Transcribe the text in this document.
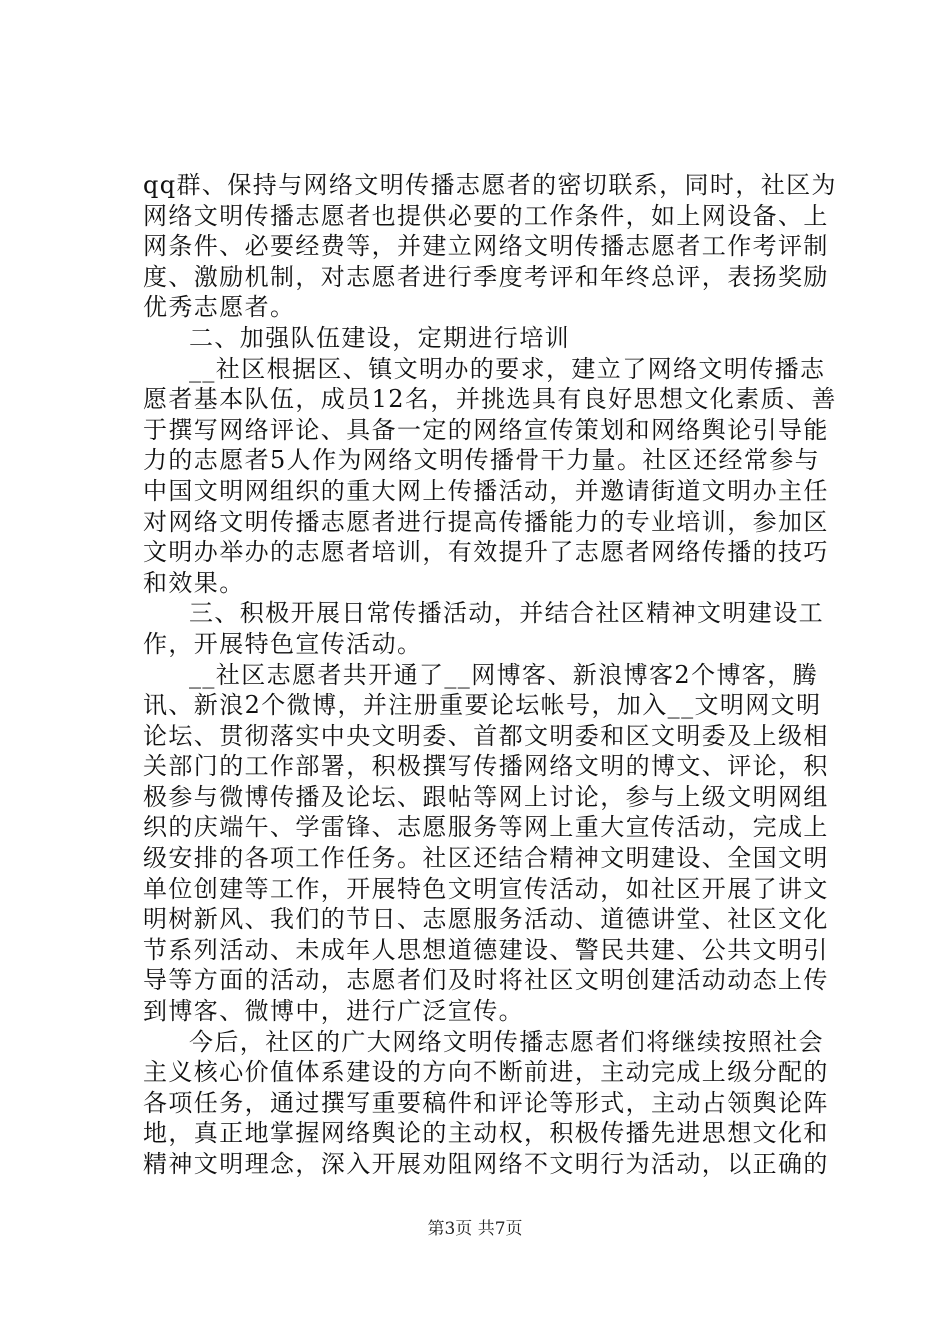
qq群、保持与网络文明传播志愿者的密切联系，同时，社区为
网络文明传播志愿者也提供必要的工作条件，如上网设备、上
网条件、必要经费等，并建立网络文明传播志愿者工作考评制
度、激励机制，对志愿者进行季度考评和年终总评，表扬奖励
优秀志愿者。
二、加强队伍建设，定期进行培训
__社区根据区、镇文明办的要求，建立了网络文明传播志
愿者基本队伍，成员12名，并挑选具有良好思想文化素质、善
于撰写网络评论、具备一定的网络宣传策划和网络舆论引导能
力的志愿者5人作为网络文明传播骨干力量。社区还经常参与
中国文明网组织的重大网上传播活动，并邀请街道文明办主任
对网络文明传播志愿者进行提高传播能力的专业培训，参加区
文明办举办的志愿者培训，有效提升了志愿者网络传播的技巧
和效果。
三、积极开展日常传播活动，并结合社区精神文明建设工
作，开展特色宣传活动。
__社区志愿者共开通了__网博客、新浪博客2个博客，腾
讯、新浪2个微博，并注册重要论坛帐号，加入__文明网文明
论坛、贯彻落实中央文明委、首都文明委和区文明委及上级相
关部门的工作部署，积极撰写传播网络文明的博文、评论，积
极参与微博传播及论坛、跟帖等网上讨论，参与上级文明网组
织的庆端午、学雷锋、志愿服务等网上重大宣传活动，完成上
级安排的各项工作任务。社区还结合精神文明建设、全国文明
单位创建等工作，开展特色文明宣传活动，如社区开展了讲文
明树新风、我们的节日、志愿服务活动、道德讲堂、社区文化
节系列活动、未成年人思想道德建设、警民共建、公共文明引
导等方面的活动，志愿者们及时将社区文明创建活动动态上传
到博客、微博中，进行广泛宣传。
今后，社区的广大网络文明传播志愿者们将继续按照社会
主义核心价值体系建设的方向不断前进，主动完成上级分配的
各项任务，通过撰写重要稿件和评论等形式，主动占领舆论阵
地，真正地掌握网络舆论的主动权，积极传播先进思想文化和
精神文明理念，深入开展劝阻网络不文明行为活动，以正确的
第3页 共7页
